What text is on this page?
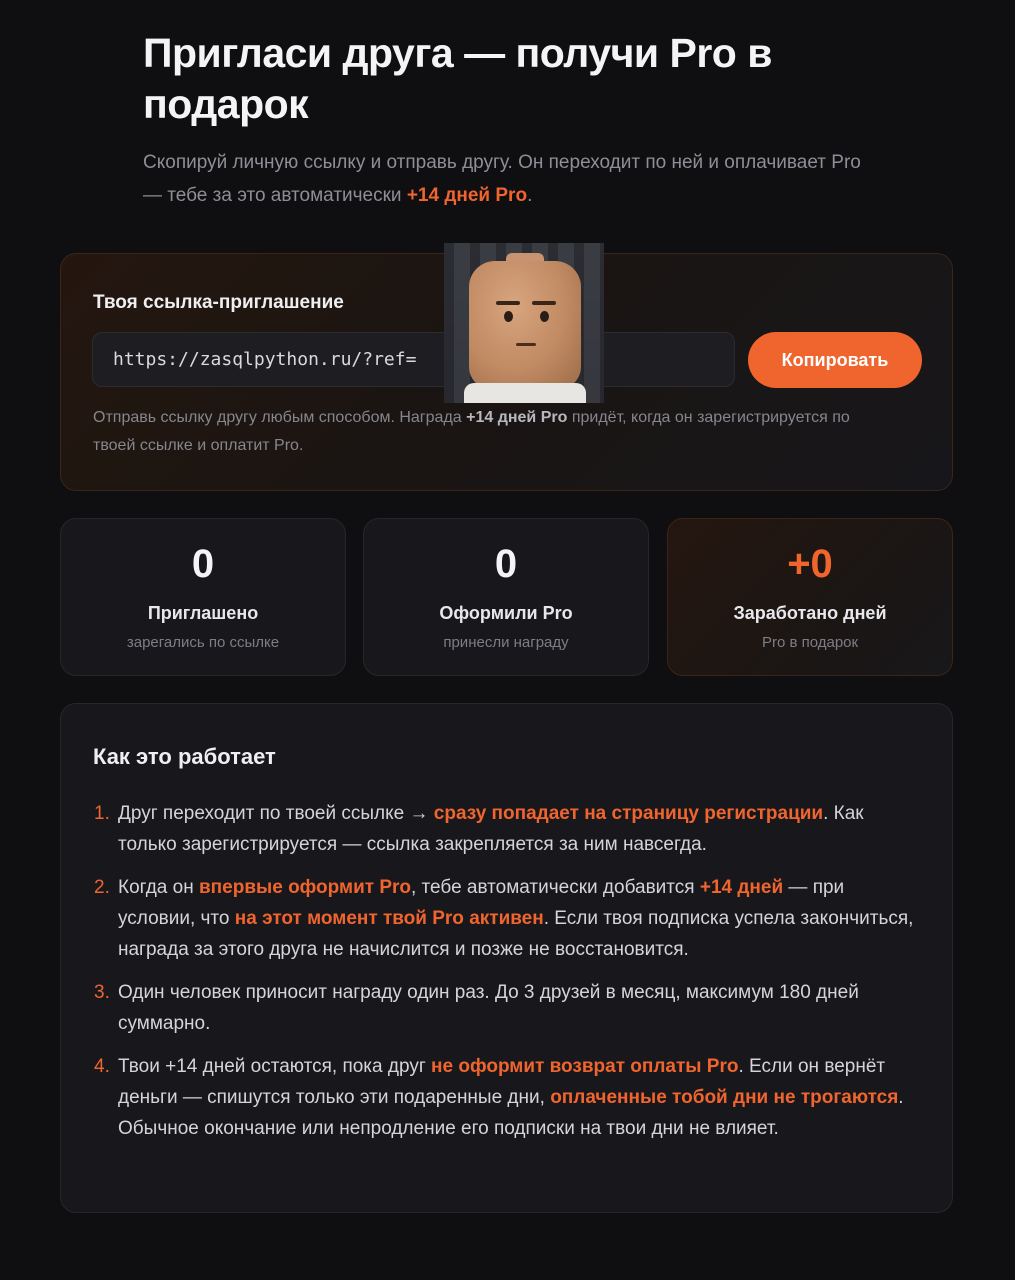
Пригласи друга — получи Pro в подарок

Скопируй личную ссылку и отправь другу. Он переходит по ней и оплачивает Pro — тебе за это автоматически +14 дней Pro.

Твоя ссылка-приглашение
https://zasqlpython.ru/?ref=	Копировать
Отправь ссылку другу любым способом. Награда +14 дней Pro придёт, когда он зарегистрируется по твоей ссылке и оплатит Pro.
0
Приглашено
зарегались по ссылке
0
Оформили Pro
принесли награду
+0
Заработано дней
Pro в подарок
Как это работает
1. Друг переходит по твоей ссылке → сразу попадает на страницу регистрации. Как только зарегистрируется — ссылка закрепляется за ним навсегда.
2. Когда он впервые оформит Pro, тебе автоматически добавится +14 дней — при условии, что на этот момент твой Pro активен. Если твоя подписка успела закончиться, награда за этого друга не начислится и позже не восстановится.
3. Один человек приносит награду один раз. До 3 друзей в месяц, максимум 180 дней суммарно.
4. Твои +14 дней остаются, пока друг не оформит возврат оплаты Pro. Если он вернёт деньги — спишутся только эти подаренные дни, оплаченные тобой дни не трогаются. Обычное окончание или непродление его подписки на твои дни не влияет.
